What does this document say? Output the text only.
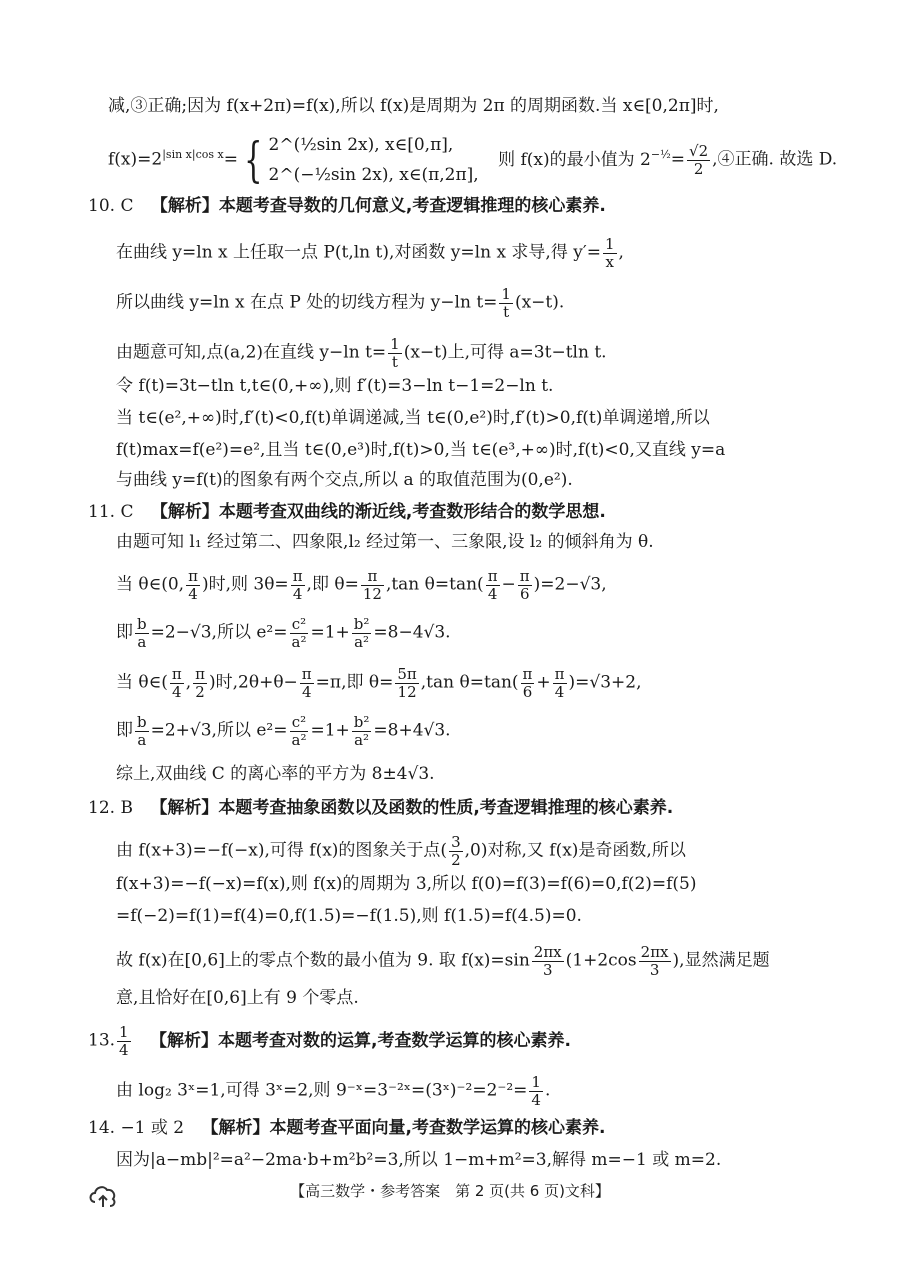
减,③正确;因为 f(x+2π)=f(x),所以 f(x)是周期为 2π 的周期函数.当 x∈[0,2π]时,
$f(x)=2^{|sin x|cos x}=$ { 2^(½sin 2x), x∈[0,π],
2^(−½sin 2x), x∈(π,2π],
则 f(x)的最小值为 $2^{-\frac{1}{2}}= \frac{√2}{2}$ ,④正确. 故选 D.
10. C 【解析】本题考查导数的几何意义,考查逻辑推理的核心素养.
在曲线 y=ln x 上任取一点 P(t,ln t),对函数 y=ln x 求导,得 $y'= \frac{1}{x}$ ,
所以曲线 y=ln x 在点 P 处的切线方程为 y−ln $t= \frac{1}{t} (x-t)$.
由题意可知,点(a,2)在直线 y−ln $t= \frac{1}{t} (x-t)$上,可得 a=3t−tln t.
令 f(t)=3t−tln t,t∈(0,+∞),则 f′(t)=3−ln t−1=2−ln t.
当 t∈(e²,+∞)时,f′(t)<0,f(t)单调递减,当 t∈(0,e²)时,f′(t)>0,f(t)单调递增,所以
f(t)max=f(e²)=e²,且当 t∈(0,e³)时,f(t)>0,当 t∈(e³,+∞)时,f(t)<0,又直线 y=a
与曲线 y=f(t)的图象有两个交点,所以 a 的取值范围为(0,e²).
11. C 【解析】本题考查双曲线的渐近线,考查数形结合的数学思想.
由题可知 l₁ 经过第二、四象限,l₂ 经过第一、三象限,设 l₂ 的倾斜角为 θ.
当 θ∈(0, $\frac{\pi}{4}$ )时,则 $3\theta= \frac{\pi}{4}$ ,即 $\theta= \frac{\pi}{12} ,\tan$ $\theta=\tan( \frac{\pi}{4} - \frac{\pi}{6} )=2-√3$,
即 $\frac{b}{a} =2-√3$,所以 $e^2= \frac{\text{c²}}{\text{a²}} =1+ \frac{\text{b²}}{\text{a²}} =8-4√3$.
当 θ∈( $\frac{\pi}{4}$ , $\frac{\pi}{2}$ )时$,2\theta+\theta- \frac{\pi}{4} =\pi$,即 $\theta= \frac{5\pi}{12} ,\tan$ $\theta=\tan( \frac{\pi}{6} + \frac{\pi}{4} )=√3+2$,
即 $\frac{b}{a} =2+√3$,所以 $e^2= \frac{\text{c²}}{\text{a²}} =1+ \frac{\text{b²}}{\text{a²}} =8+4√3$.
综上,双曲线 C 的离心率的平方为 8±4√3.
12. B 【解析】本题考查抽象函数以及函数的性质,考查逻辑推理的核心素养.
由 f(x+3)=−f(−x),可得 f(x)的图象关于点( $\frac{3}{2} ,0$)对称,又 f(x)是奇函数,所以
f(x+3)=−f(−x)=f(x),则 f(x)的周期为 3,所以 f(0)=f(3)=f(6)=0,f(2)=f(5)
=f(−2)=f(1)=f(4)=0,f(1.5)=−f(1.5),则 f(1.5)=f(4.5)=0.
故 f(x)在[0,6]上的零点个数的最小值为 9. 取 $f(x)=\sin \frac{2\pi x}{3} (1+2\cos \frac{2\pi x}{3}$ ),显然满足题
意,且恰好在[0,6]上有 9 个零点.
13. $\frac{1}{4}$ 【解析】本题考查对数的运算,考查数学运算的核心素养.
由 log₂ 3ˣ=1,可得 3ˣ=2,则 9⁻ˣ=3⁻²ˣ=(3ˣ)⁻²=2⁻²= $\frac{1}{4}$ .
14. −1 或 2 【解析】本题考查平面向量,考查数学运算的核心素养.
因为|a−mb|²=a²−2ma·b+m²b²=3,所以 1−m+m²=3,解得 m=−1 或 m=2.
【高三数学・参考答案　第 2 页(共 6 页)文科】
